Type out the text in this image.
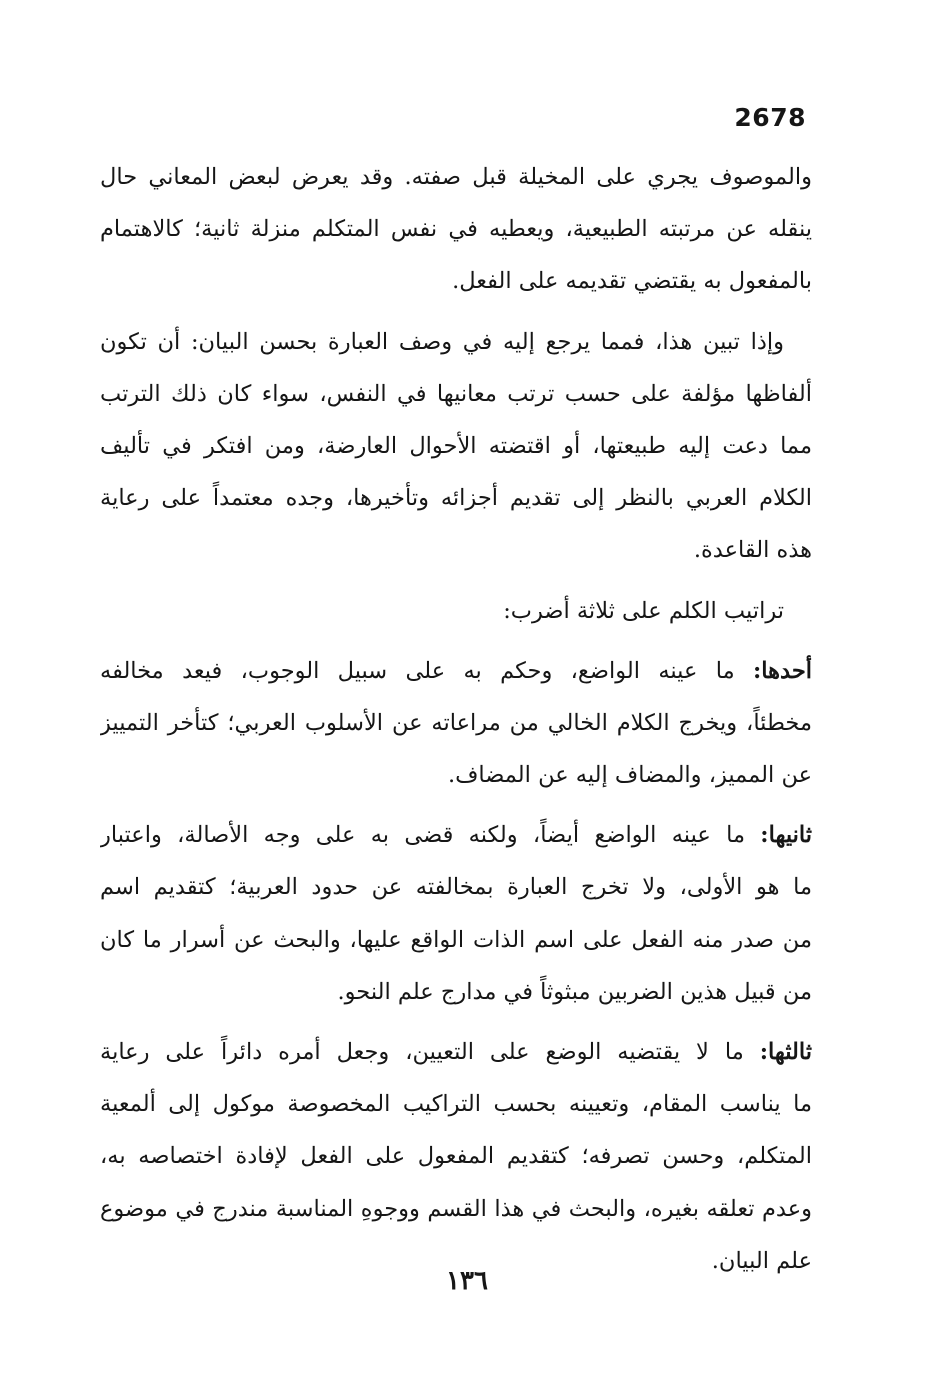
2678
والموصوف يجري على المخيلة قبل صفته. وقد يعرض لبعض المعاني حال
ينقله عن مرتبته الطبيعية، ويعطيه في نفس المتكلم منزلة ثانية؛ كالاهتمام
بالمفعول به يقتضي تقديمه على الفعل.
وإذا تبين هذا، فمما يرجع إليه في وصف العبارة بحسن البيان: أن تكون
ألفاظها مؤلفة على حسب ترتب معانيها في النفس، سواء كان ذلك الترتب
مما دعت إليه طبيعتها، أو اقتضته الأحوال العارضة، ومن افتكر في تأليف
الكلام العربي بالنظر إلى تقديم أجزائه وتأخيرها، وجده معتمداً على رعاية
هذه القاعدة.
تراتيب الكلم على ثلاثة أضرب:
أحدها: ما عينه الواضع، وحكم به على سبيل الوجوب، فيعد مخالفه
مخطئاً، ويخرج الكلام الخالي من مراعاته عن الأسلوب العربي؛ كتأخر التمييز
عن المميز، والمضاف إليه عن المضاف.
ثانيها: ما عينه الواضع أيضاً، ولكنه قضى به على وجه الأصالة، واعتبار
ما هو الأولى، ولا تخرج العبارة بمخالفته عن حدود العربية؛ كتقديم اسم
من صدر منه الفعل على اسم الذات الواقع عليها، والبحث عن أسرار ما كان
من قبيل هذين الضربين مبثوثاً في مدارج علم النحو.
ثالثها: ما لا يقتضيه الوضع على التعيين، وجعل أمره دائراً على رعاية
ما يناسب المقام، وتعيينه بحسب التراكيب المخصوصة موكول إلى ألمعية
المتكلم، وحسن تصرفه؛ كتقديم المفعول على الفعل لإفادة اختصاصه به،
وعدم تعلقه بغيره، والبحث في هذا القسم ووجوهِ المناسبة مندرج في موضوع
علم البيان.
١٣٦
